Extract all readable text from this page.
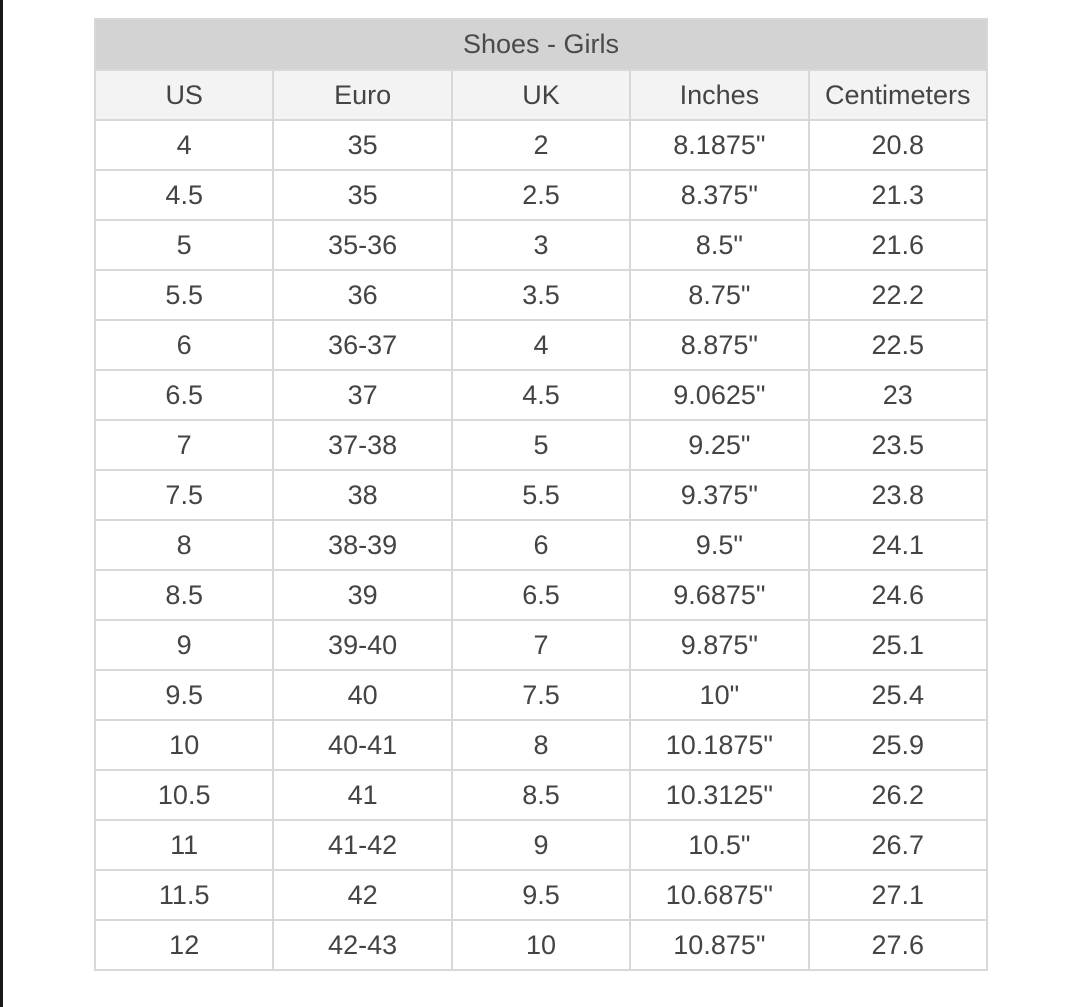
Shoes - Girls				
US	Euro	UK	Inches	Centimeters
4	35	2	8.1875"	20.8
4.5	35	2.5	8.375"	21.3
5	35-36	3	8.5"	21.6
5.5	36	3.5	8.75"	22.2
6	36-37	4	8.875"	22.5
6.5	37	4.5	9.0625"	23
7	37-38	5	9.25"	23.5
7.5	38	5.5	9.375"	23.8
8	38-39	6	9.5"	24.1
8.5	39	6.5	9.6875"	24.6
9	39-40	7	9.875"	25.1
9.5	40	7.5	10"	25.4
10	40-41	8	10.1875"	25.9
10.5	41	8.5	10.3125"	26.2
11	41-42	9	10.5"	26.7
11.5	42	9.5	10.6875"	27.1
12	42-43	10	10.875"	27.6
